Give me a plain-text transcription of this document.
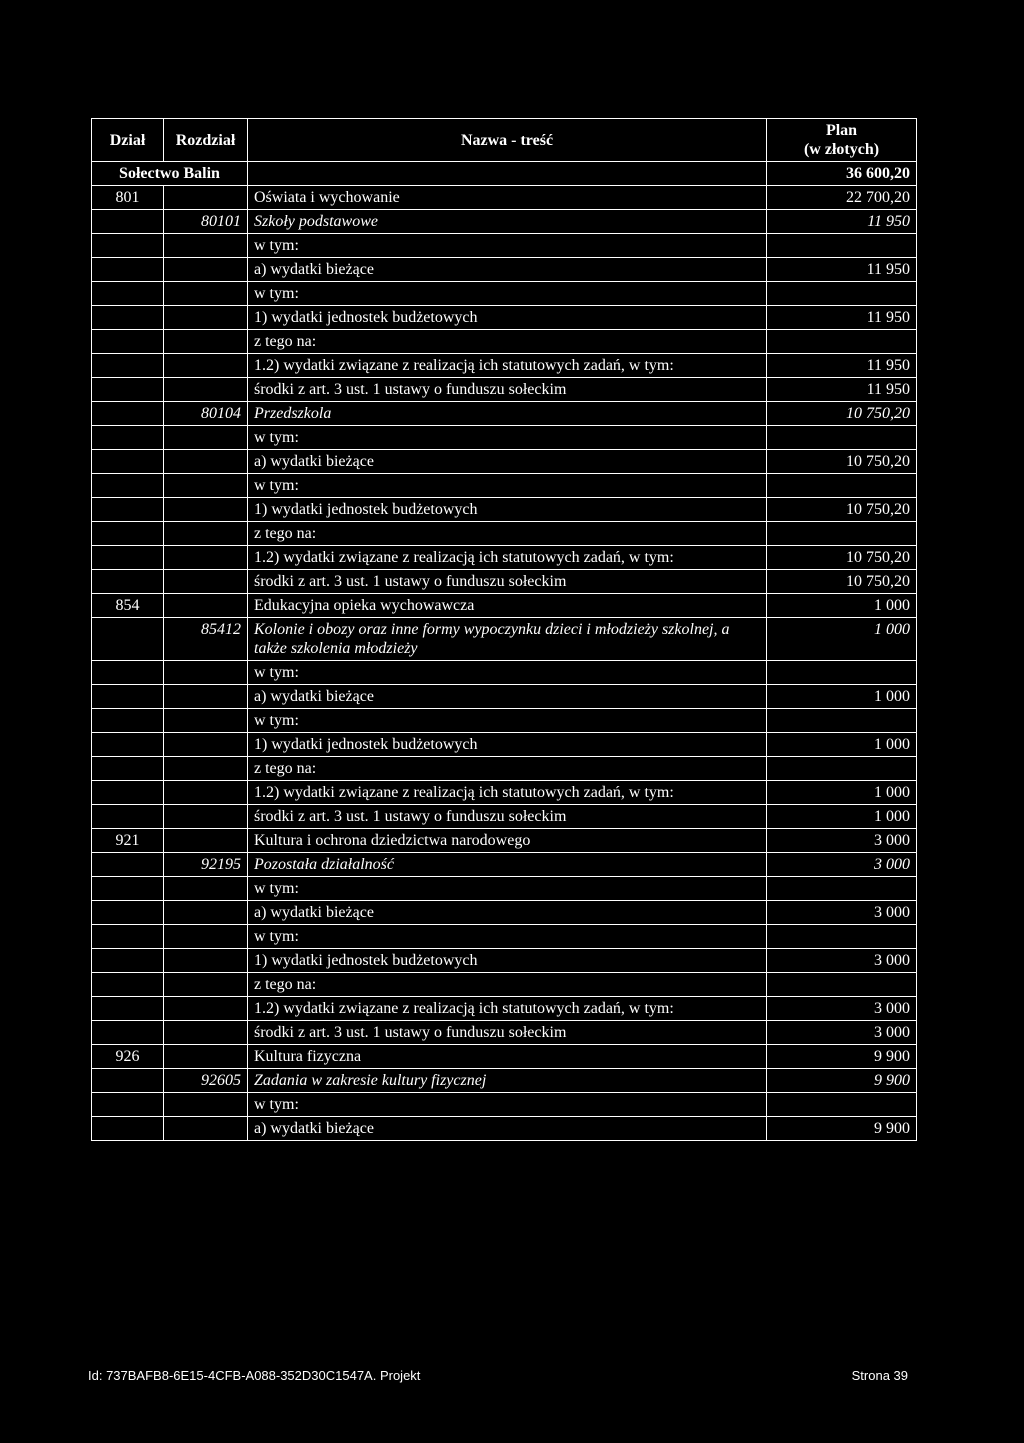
Dział	Rozdział	Nazwa - treść	Plan
(w złotych)
Sołectwo Balin			36 600,20
801		Oświata i wychowanie	22 700,20
	80101	Szkoły podstawowe	11 950
		w tym:	
		a) wydatki bieżące	11 950
		w tym:	
		1) wydatki jednostek budżetowych	11 950
		z tego na:	
		1.2) wydatki związane z realizacją ich statutowych zadań, w tym:	11 950
		środki z art. 3 ust. 1 ustawy o funduszu sołeckim	11 950
	80104	Przedszkola	10 750,20
		w tym:	
		a) wydatki bieżące	10 750,20
		w tym:	
		1) wydatki jednostek budżetowych	10 750,20
		z tego na:	
		1.2) wydatki związane z realizacją ich statutowych zadań, w tym:	10 750,20
		środki z art. 3 ust. 1 ustawy o funduszu sołeckim	10 750,20
854		Edukacyjna opieka wychowawcza	1 000
	85412	Kolonie i obozy oraz inne formy wypoczynku dzieci i młodzieży szkolnej, a także szkolenia młodzieży	1 000
		w tym:	
		a) wydatki bieżące	1 000
		w tym:	
		1) wydatki jednostek budżetowych	1 000
		z tego na:	
		1.2) wydatki związane z realizacją ich statutowych zadań, w tym:	1 000
		środki z art. 3 ust. 1 ustawy o funduszu sołeckim	1 000
921		Kultura i ochrona dziedzictwa narodowego	3 000
	92195	Pozostała działalność	3 000
		w tym:	
		a) wydatki bieżące	3 000
		w tym:	
		1) wydatki jednostek budżetowych	3 000
		z tego na:	
		1.2) wydatki związane z realizacją ich statutowych zadań, w tym:	3 000
		środki z art. 3 ust. 1 ustawy o funduszu sołeckim	3 000
926		Kultura fizyczna	9 900
	92605	Zadania w zakresie kultury fizycznej	9 900
		w tym:	
		a) wydatki bieżące	9 900
Id: 737BAFB8-6E15-4CFB-A088-352D30C1547A. Projekt	Strona 39
